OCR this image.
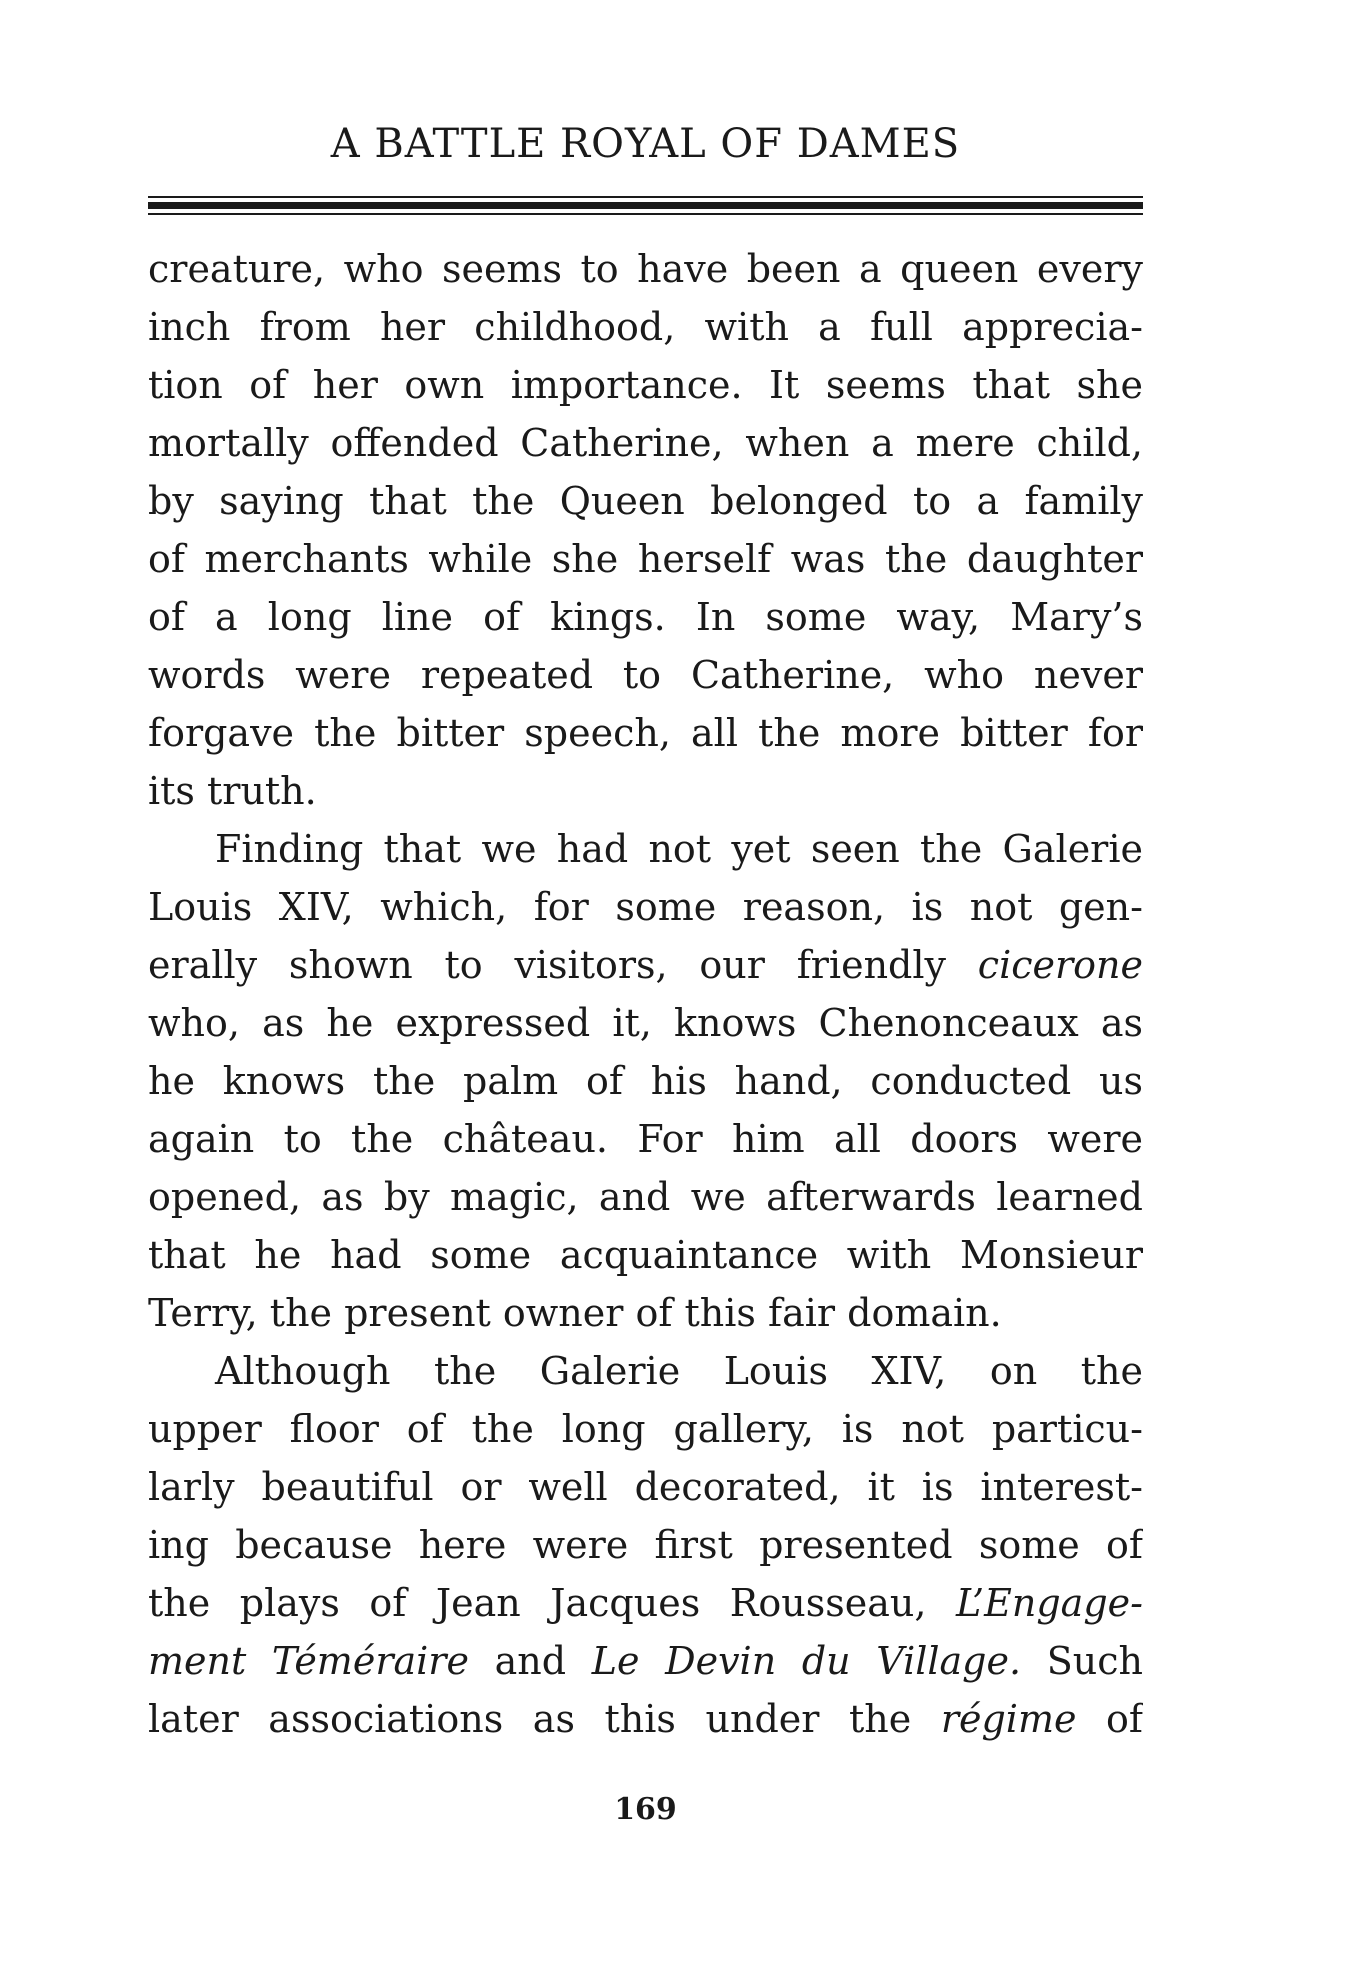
A BATTLE ROYAL OF DAMES
creature, who seems to have been a queen every
inch from her childhood, with a full apprecia-
tion of her own importance. It seems that she
mortally offended Catherine, when a mere child,
by saying that the Queen belonged to a family
of merchants while she herself was the daughter
of a long line of kings. In some way, Mary’s
words were repeated to Catherine, who never
forgave the bitter speech, all the more bitter for
its truth.
Finding that we had not yet seen the Galerie
Louis XIV, which, for some reason, is not gen-
erally shown to visitors, our friendly cicerone
who, as he expressed it, knows Chenonceaux as
he knows the palm of his hand, conducted us
again to the château. For him all doors were
opened, as by magic, and we afterwards learned
that he had some acquaintance with Monsieur
Terry, the present owner of this fair domain.
Although the Galerie Louis XIV, on the
upper floor of the long gallery, is not particu-
larly beautiful or well decorated, it is interest-
ing because here were first presented some of
the plays of Jean Jacques Rousseau, L’Engage-
ment Téméraire and Le Devin du Village. Such
later associations as this under the régime of
169
